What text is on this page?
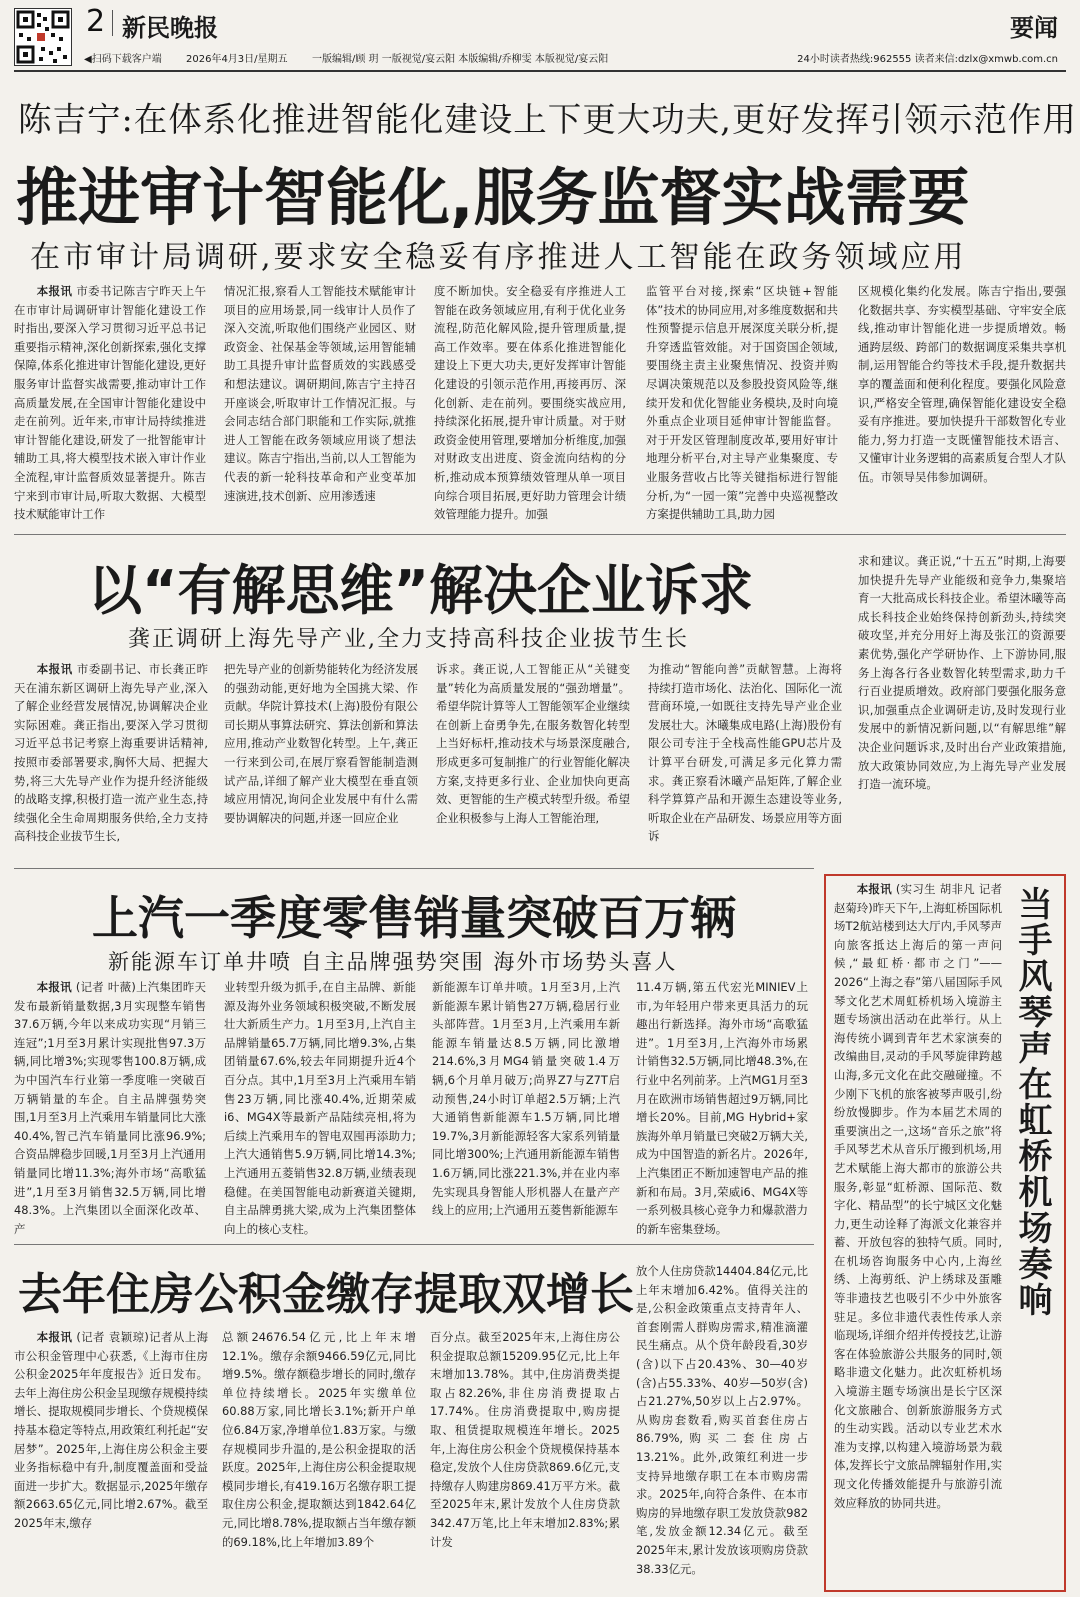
2 新民晚报	要闻
◀扫码下载客户端 2026年4月3日/星期五 一版编辑/顾 玥 一版视觉/宴云阳 本版编辑/乔柳雯 本版视觉/宴云阳	24小时读者热线:962555 读者来信:dzlx@xmwb.com.cn
陈吉宁:在体系化推进智能化建设上下更大功夫,更好发挥引领示范作用
推进审计智能化,服务监督实战需要
在市审计局调研,要求安全稳妥有序推进人工智能在政务领域应用

本报讯 市委书记陈吉宁昨天上午在市审计局调研审计智能化建设工作时指出,要深入学习贯彻习近平总书记重要指示精神,深化创新探索,强化支撑保障,体系化推进审计智能化建设,更好服务审计监督实战需要,推动审计工作高质量发展,在全国审计智能化建设中走在前列。近年来,市审计局持续推进审计智能化建设,研发了一批智能审计辅助工具,将大模型技术嵌入审计作业全流程,审计监督质效显著提升。陈吉宁来到市审计局,听取大数据、大模型技术赋能审计工作

情况汇报,察看人工智能技术赋能审计项目的应用场景,同一线审计人员作了深入交流,听取他们围绕产业园区、财政资金、社保基金等领域,运用智能辅助工具提升审计监督质效的实践感受和想法建议。调研期间,陈吉宁主持召开座谈会,听取审计工作情况汇报。与会同志结合部门职能和工作实际,就推进人工智能在政务领域应用谈了想法建议。陈吉宁指出,当前,以人工智能为代表的新一轮科技革命和产业变革加速演进,技术创新、应用渗透速

度不断加快。安全稳妥有序推进人工智能在政务领域应用,有利于优化业务流程,防范化解风险,提升管理质量,提高工作效率。要在体系化推进智能化建设上下更大功夫,更好发挥审计智能化建设的引领示范作用,再接再厉、深化创新、走在前列。要围绕实战应用,持续深化拓展,提升审计质量。对于财政资金使用管理,要增加分析维度,加强对财政支出进度、资金流向结构的分析,推动成本预算绩效管理从单一项目向综合项目拓展,更好助力管理会计绩效管理能力提升。加强

监管平台对接,探索“区块链+智能体”技术的协同应用,对多维度数据和共性预警提示信息开展深度关联分析,提升穿透监管效能。对于国资国企领域,要围绕主责主业聚焦情况、投资并购尽调决策规范以及参股投资风险等,继续开发和优化智能业务模块,及时向境外重点企业项目延伸审计智能监督。对于开发区管理制度改革,要用好审计地理分析平台,对主导产业集聚度、专业服务营收占比等关键指标进行智能分析,为“一园一策”完善中央巡视整改方案提供辅助工具,助力园

区规模化集约化发展。陈吉宁指出,要强化数据共享、夯实模型基础、守牢安全底线,推动审计智能化进一步提质增效。畅通跨层级、跨部门的数据调度采集共享机制,运用智能合约等技术手段,提升数据共享的覆盖面和便利化程度。要强化风险意识,严格安全管理,确保智能化建设安全稳妥有序推进。要加快提升干部数智化专业能力,努力打造一支既懂智能技术语言、又懂审计业务逻辑的高素质复合型人才队伍。市领导吴伟参加调研。

以“有解思维”解决企业诉求
龚正调研上海先导产业,全力支持高科技企业拔节生长

本报讯 市委副书记、市长龚正昨天在浦东新区调研上海先导产业,深入了解企业经营发展情况,协调解决企业实际困难。龚正指出,要深入学习贯彻习近平总书记考察上海重要讲话精神,按照市委部署要求,胸怀大局、把握大势,将三大先导产业作为提升经济能级的战略支撑,积极打造一流产业生态,持续强化全生命周期服务供给,全力支持高科技企业拔节生长,

把先导产业的创新势能转化为经济发展的强劲动能,更好地为全国挑大梁、作贡献。华院计算技术(上海)股份有限公司长期从事算法研究、算法创新和算法应用,推动产业数智化转型。上午,龚正一行来到公司,在展厅察看智能制造测试产品,详细了解产业大模型在垂直领域应用情况,询问企业发展中有什么需要协调解决的问题,并逐一回应企业

诉求。龚正说,人工智能正从“关键变量”转化为高质量发展的“强劲增量”。希望华院计算等人工智能领军企业继续在创新上奋勇争先,在服务数智化转型上当好标杆,推动技术与场景深度融合,形成更多可复制推广的行业智能化解决方案,支持更多行业、企业加快向更高效、更智能的生产模式转型升级。希望企业积极参与上海人工智能治理,

为推动“智能向善”贡献智慧。上海将持续打造市场化、法治化、国际化一流营商环境,一如既往支持先导产业企业发展壮大。沐曦集成电路(上海)股份有限公司专注于全栈高性能GPU芯片及计算平台研发,可满足多元化算力需求。龚正察看沐曦产品矩阵,了解企业科学算算产品和开源生态建设等业务,听取企业在产品研发、场景应用等方面诉

求和建议。龚正说,“十五五”时期,上海要加快提升先导产业能级和竞争力,集聚培育一大批高成长科技企业。希望沐曦等高成长科技企业始终保持创新劲头,持续突破攻坚,并充分用好上海及张江的资源要素优势,强化产学研协作、上下游协同,服务上海各行各业数智化转型需求,助力千行百业提质增效。政府部门要强化服务意识,加强重点企业调研走访,及时发现行业发展中的新情况新问题,以“有解思维”解决企业问题诉求,及时出台产业政策措施,放大政策协同效应,为上海先导产业发展打造一流环境。

上汽一季度零售销量突破百万辆
新能源车订单井喷 自主品牌强势突围 海外市场势头喜人

本报讯 (记者 叶薇)上汽集团昨天发布最新销量数据,3月实现整车销售37.6万辆,今年以来成功实现“月销三连冠”;1月至3月累计实现批售97.3万辆,同比增3%;实现零售100.8万辆,成为中国汽车行业第一季度唯一突破百万辆销量的车企。自主品牌强势突围,1月至3月上汽乘用车销量同比大涨40.4%,智己汽车销量同比涨96.9%;合资品牌稳步回暖,1月至3月上汽通用销量同比增11.3%;海外市场“高歌猛进”,1月至3月销售32.5万辆,同比增48.3%。上汽集团以全面深化改革、产

业转型升级为抓手,在自主品牌、新能源及海外业务领域积极突破,不断发展壮大新质生产力。1月至3月,上汽自主品牌销量65.7万辆,同比增9.3%,占集团销量67.6%,较去年同期提升近4个百分点。其中,1月至3月上汽乘用车销售23万辆,同比涨40.4%,近期荣威i6、MG4X等最新产品陆续亮相,将为后续上汽乘用车的智电双囤再添助力;上汽大通销售5.9万辆,同比增14.3%;上汽通用五菱销售32.8万辆,业绩表现稳健。在美国智能电动新赛道关键期,自主品牌勇挑大梁,成为上汽集团整体向上的核心支柱。

新能源车订单井喷。1月至3月,上汽新能源车累计销售27万辆,稳居行业头部阵营。1月至3月,上汽乘用车新能源车销量达8.5万辆,同比激增214.6%,3月MG4销量突破1.4万辆,6个月单月破万;尚界Z7与Z7T启动预售,24小时订单超2.5万辆;上汽大通销售新能源车1.5万辆,同比增19.7%,3月新能源轻客大家系列销量同比增300%;上汽通用新能源车销售1.6万辆,同比涨221.3%,并在业内率先实现具身智能人形机器人在量产产线上的应用;上汽通用五菱售新能源车

11.4万辆,第五代宏光MINIEV上市,为年轻用户带来更具活力的玩趣出行新选择。海外市场“高歌猛进”。1月至3月,上汽海外市场累计销售32.5万辆,同比增48.3%,在行业中名列前茅。上汽MG1月至3月在欧洲市场销售超过9万辆,同比增长20%。目前,MG Hybrid+家族海外单月销量已突破2万辆大关,成为中国智造的新名片。2026年,上汽集团正不断加速智电产品的推新和布局。3月,荣威i6、MG4X等一系列极具核心竞争力和爆款潜力的新车密集登场。

去年住房公积金缴存提取双增长

本报讯 (记者 袁颖琼)记者从上海市公积金管理中心获悉,《上海市住房公积金2025年年度报告》近日发布。去年上海住房公积金呈现缴存规模持续增长、提取规模同步增长、个贷规模保持基本稳定等特点,用政策红利托起“安居梦”。2025年,上海住房公积金主要业务指标稳中有升,制度覆盖面和受益面进一步扩大。数据显示,2025年缴存额2663.65亿元,同比增2.67%。截至2025年末,缴存

总额24676.54亿元,比上年末增12.1%。缴存余额9466.59亿元,同比增9.5%。缴存额稳步增长的同时,缴存单位持续增长。2025年实缴单位60.88万家,同比增长3.1%;新开户单位6.84万家,净增单位1.83万家。与缴存规模同步升温的,是公积金提取的活跃度。2025年,上海住房公积金提取规模同步增长,有419.16万名缴存职工提取住房公积金,提取额达到1842.64亿元,同比增8.78%,提取额占当年缴存额的69.18%,比上年增加3.89个

百分点。截至2025年末,上海住房公积金提取总额15209.95亿元,比上年末增加13.78%。其中,住房消费类提取占82.26%,非住房消费提取占17.74%。住房消费提取中,购房提取、租赁提取规模连年增长。2025年,上海住房公积金个贷规模保持基本稳定,发放个人住房贷款869.6亿元,支持缴存人购建房869.41万平方米。截至2025年末,累计发放个人住房贷款342.47万笔,比上年末增加2.83%;累计发

放个人住房贷款14404.84亿元,比上年末增加6.42%。值得关注的是,公积金政策重点支持青年人、首套刚需人群购房需求,精准滴灌民生痛点。从个贷年龄段看,30岁(含)以下占20.43%、30—40岁(含)占55.33%、40岁—50岁(含)占21.27%,50岁以上占2.97%。从购房套数看,购买首套住房占86.79%,购买二套住房占13.21%。此外,政策红利进一步支持异地缴存职工在本市购房需求。2025年,向符合条件、在本市购房的异地缴存职工发放贷款982笔,发放金额12.34亿元。截至2025年末,累计发放该项购房贷款38.33亿元。

本报讯 (实习生 胡非凡 记者 赵菊玲)昨天下午,上海虹桥国际机场T2航站楼到达大厅内,手风琴声向旅客抵达上海后的第一声问候,“最虹桥·都市之门”——2026“上海之春”第八届国际手风琴文化艺术周虹桥机场入境游主题专场演出活动在此举行。从上海传统小调到青年艺术家演奏的改编曲目,灵动的手风琴旋律跨越山海,多元文化在此交融碰撞。不少刚下飞机的旅客被琴声吸引,纷纷放慢脚步。作为本届艺术周的重要演出之一,这场“音乐之旅”将手风琴艺术从音乐厅搬到机场,用艺术赋能上海大都市的旅游公共服务,彰显“虹桥源、国际范、数字化、精品型”的长宁城区文化魅力,更生动诠释了海派文化兼容并蓄、开放包容的独特气质。同时,在机场咨询服务中心内,上海丝绣、上海剪纸、沪上绣球及蛋雕等非遗技艺也吸引不少中外旅客驻足。多位非遗代表性传承人亲临现场,详细介绍并传授技艺,让游客在体验旅游公共服务的同时,领略非遗文化魅力。此次虹桥机场入境游主题专场演出是长宁区深化文旅融合、创新旅游服务方式的生动实践。活动以专业艺术水准为支撑,以构建入境游场景为载体,发挥长宁文旅品牌辐射作用,实现文化传播效能提升与旅游引流效应释放的协同共进。

当手风琴声在虹桥机场奏响
